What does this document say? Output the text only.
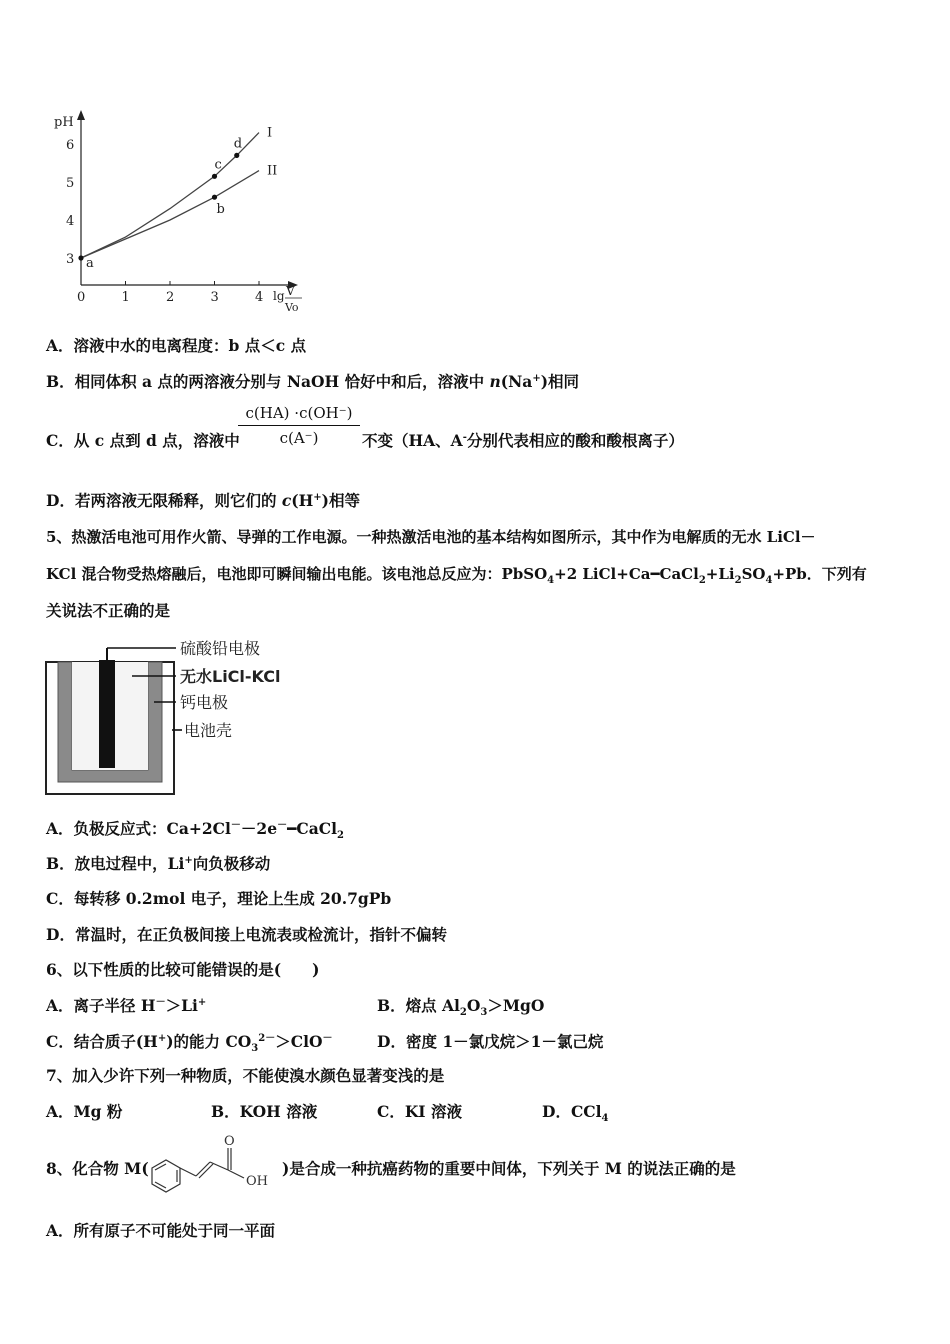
pH
6
5
4
3
0	1	2	3	4 lg V
Vo
I
II
a
b
c
d
A．溶液中水的电离程度：b 点＜c 点
B．相同体积 a 点的两溶液分别与 NaOH 恰好中和后，溶液中 n(Na+)相同
C．从 c 点到 d 点，溶液中
$\frac{c(HA) \cdot c(OH^-)}{c(A^-)}$ 不变（HA、A-分别代表相应的酸和酸根离子）
D．若两溶液无限稀释，则它们的 c(H+)相等
5、热激活电池可用作火箭、导弹的工作电源。一种热激活电池的基本结构如图所示，其中作为电解质的无水 LiCl－
KCl 混合物受热熔融后，电池即可瞬间输出电能。该电池总反应为：PbSO$_4$+2 $LiCl+Ca━CaCl_2+Li_2SO_4+Pb$．下列有
关说法不正确的是
硫酸铅电极
无水LiCl-KCl
钙电极
电池壳
A．负极反应式：Ca+2Cl－－2e－━CaCl$_2$
B．放电过程中，Li+向负极移动
C．每转移 0.2mol 电子，理论上生成 20.7gPb
D．常温时，在正负极间接上电流表或检流计，指针不偏转
6、以下性质的比较可能错误的是(　　)
A．离子半径 H－＞Li+	B．熔点 $Al_2O_3>MgO$
C．结合质子(H+)的能力 $CO_3^{2-}>ClO^-$	D．密度 1－氯戊烷＞1－氯己烷
7、加入少许下列一种物质，不能使溴水颜色显著变浅的是
A．Mg 粉	B．KOH 溶液	C．KI 溶液	D．CCl$_4$
8、化合物 M(
O
OH
)是合成一种抗癌药物的重要中间体，下列关于 M 的说法正确的是
A．所有原子不可能处于同一平面
